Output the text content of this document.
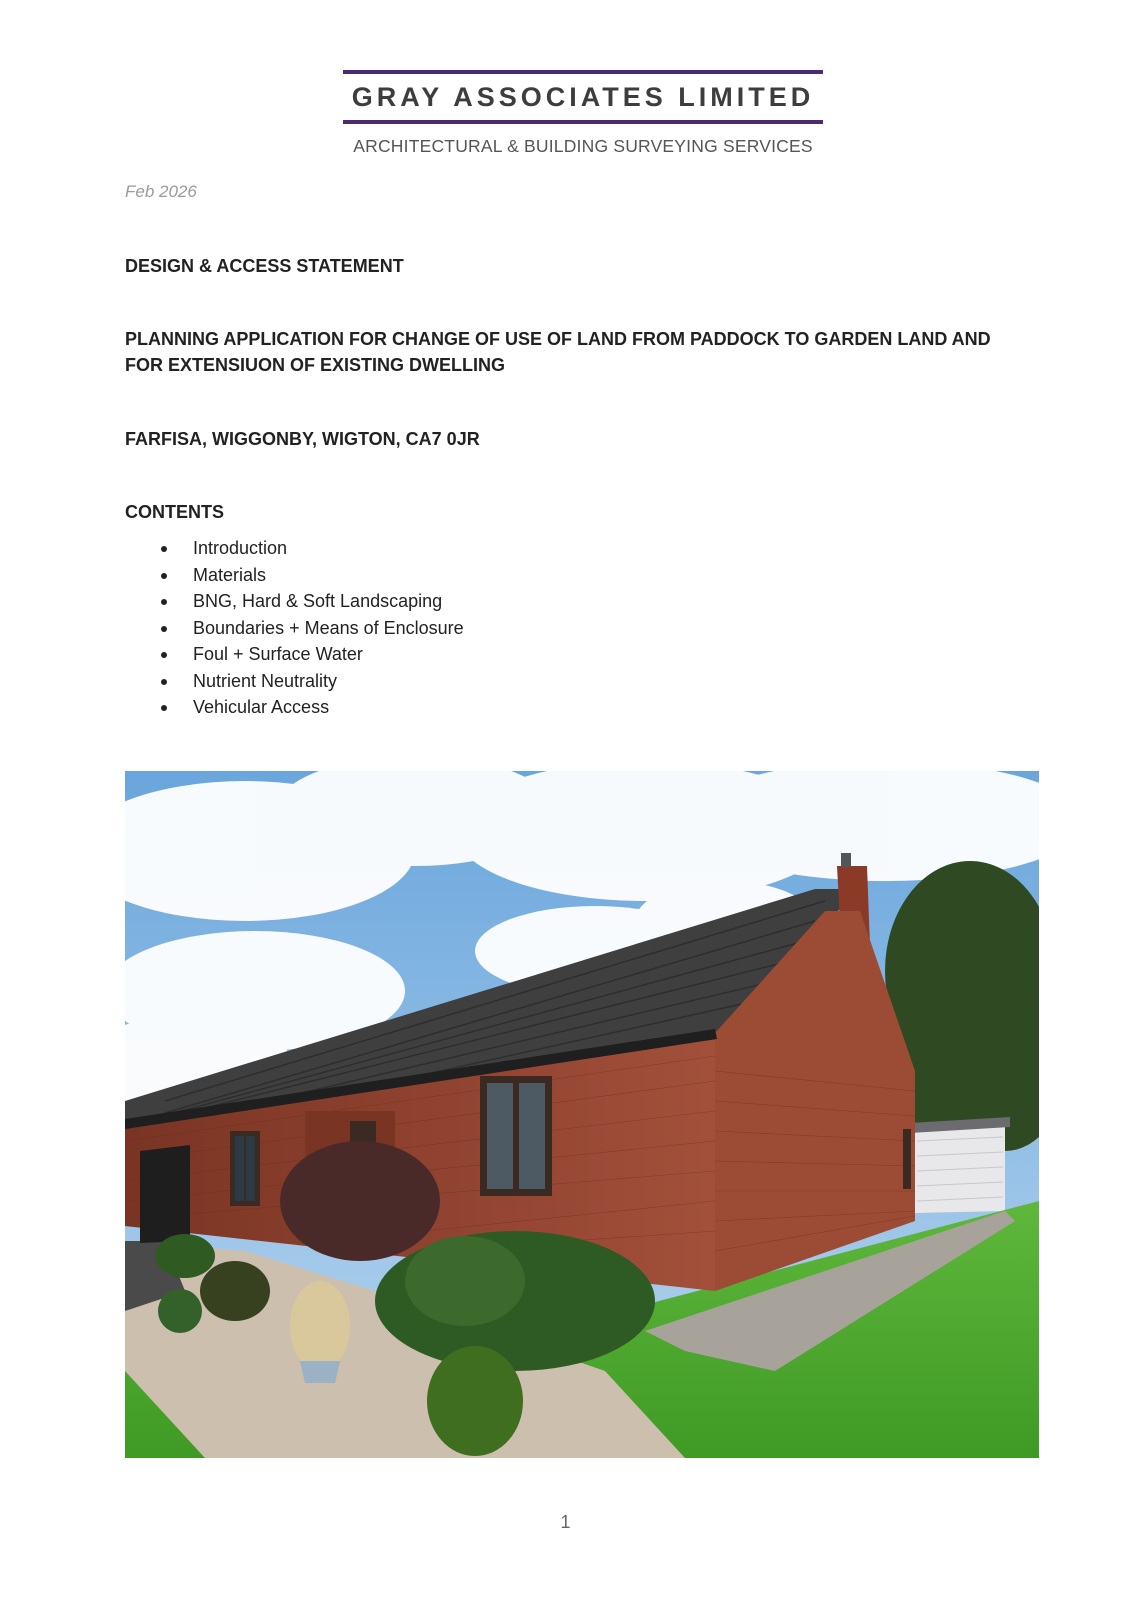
GRAY ASSOCIATES LIMITED
ARCHITECTURAL & BUILDING SURVEYING SERVICES
Feb 2026
DESIGN & ACCESS STATEMENT
PLANNING APPLICATION FOR CHANGE OF USE OF LAND FROM PADDOCK TO GARDEN LAND AND FOR EXTENSIUON OF EXISTING DWELLING
FARFISA, WIGGONBY, WIGTON, CA7 0JR
CONTENTS
Introduction
Materials
BNG, Hard & Soft Landscaping
Boundaries + Means of Enclosure
Foul + Surface Water
Nutrient Neutrality
Vehicular Access
1
